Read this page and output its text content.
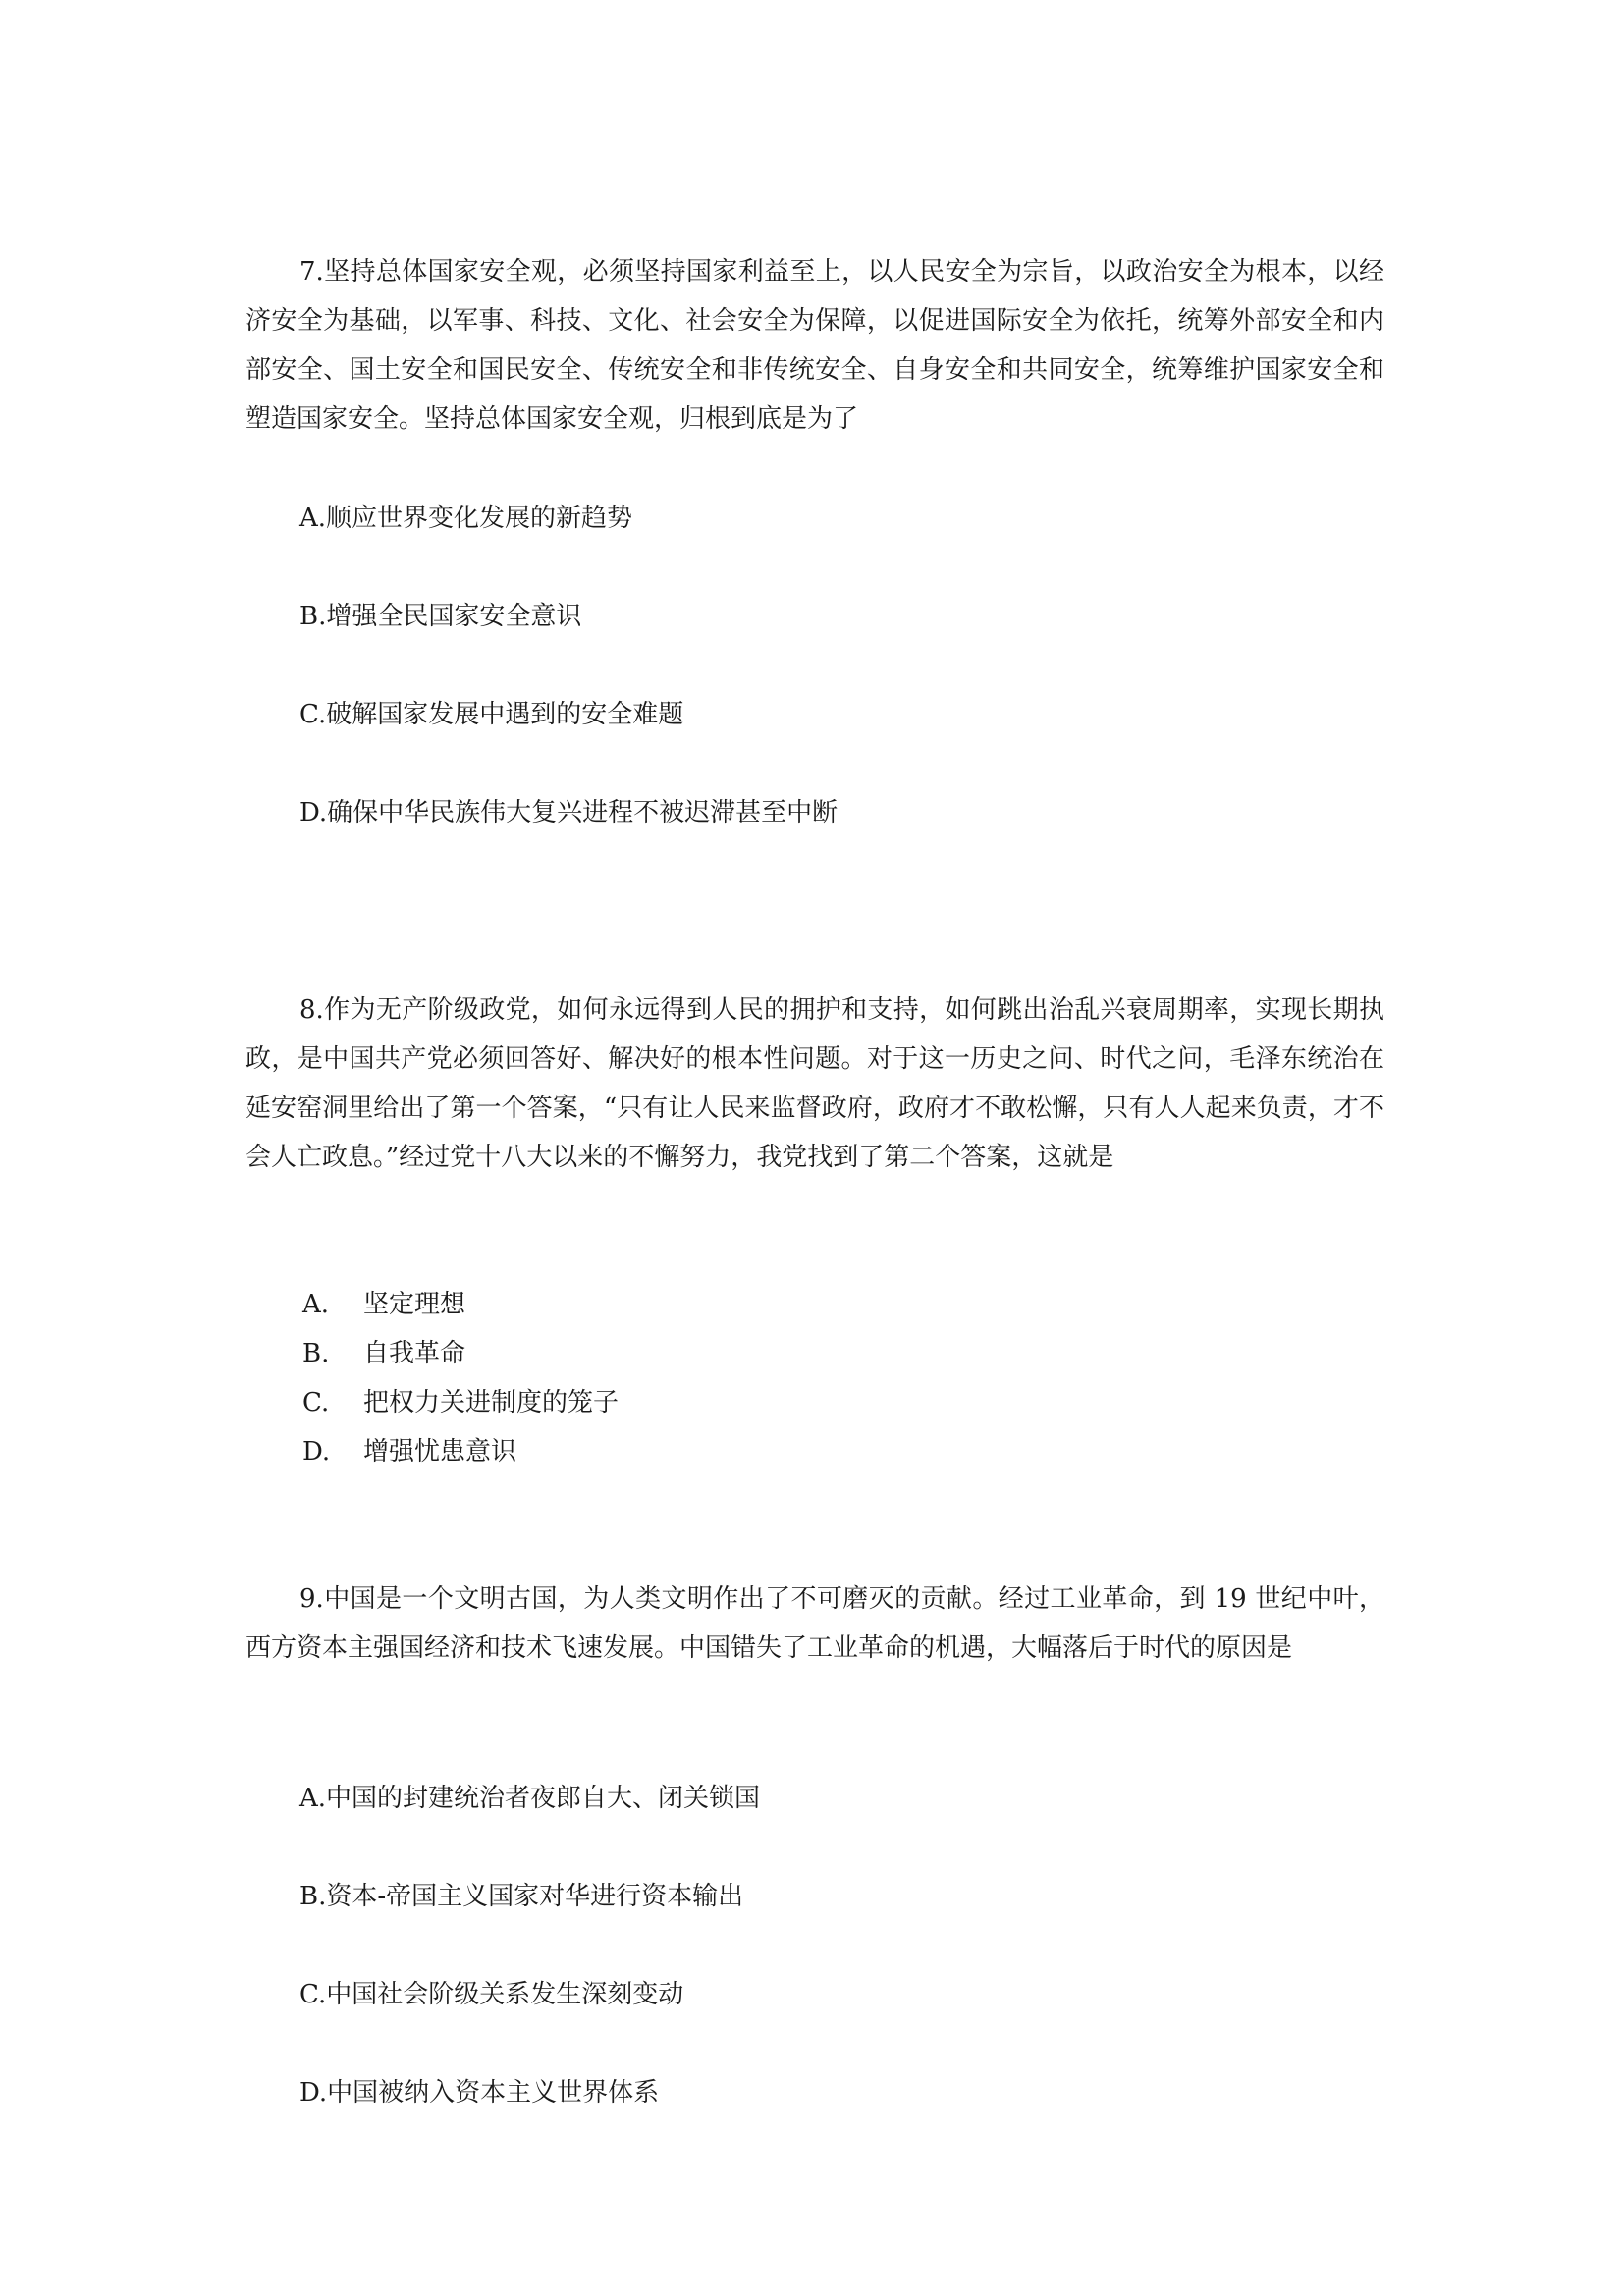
7.坚持总体国家安全观，必须坚持国家利益至上，以人民安全为宗旨，以政治安全为根本，以经济安全为基础，以军事、科技、文化、社会安全为保障，以促进国际安全为依托，统筹外部安全和内部安全、国土安全和国民安全、传统安全和非传统安全、自身安全和共同安全，统筹维护国家安全和塑造国家安全。坚持总体国家安全观，归根到底是为了

A.顺应世界变化发展的新趋势

B.增强全民国家安全意识

C.破解国家发展中遇到的安全难题

D.确保中华民族伟大复兴进程不被迟滞甚至中断

8.作为无产阶级政党，如何永远得到人民的拥护和支持，如何跳出治乱兴衰周期率，实现长期执政，是中国共产党必须回答好、解决好的根本性问题。对于这一历史之问、时代之问，毛泽东统治在延安窑洞里给出了第一个答案，“只有让人民来监督政府，政府才不敢松懈，只有人人起来负责，才不会人亡政息。”经过党十八大以来的不懈努力，我党找到了第二个答案，这就是

A. 坚定理想

B. 自我革命

C. 把权力关进制度的笼子

D. 增强忧患意识

9.中国是一个文明古国，为人类文明作出了不可磨灭的贡献。经过工业革命，到 19 世纪中叶，西方资本主强国经济和技术飞速发展。中国错失了工业革命的机遇，大幅落后于时代的原因是

A.中国的封建统治者夜郎自大、闭关锁国

B.资本-帝国主义国家对华进行资本输出

C.中国社会阶级关系发生深刻变动

D.中国被纳入资本主义世界体系
